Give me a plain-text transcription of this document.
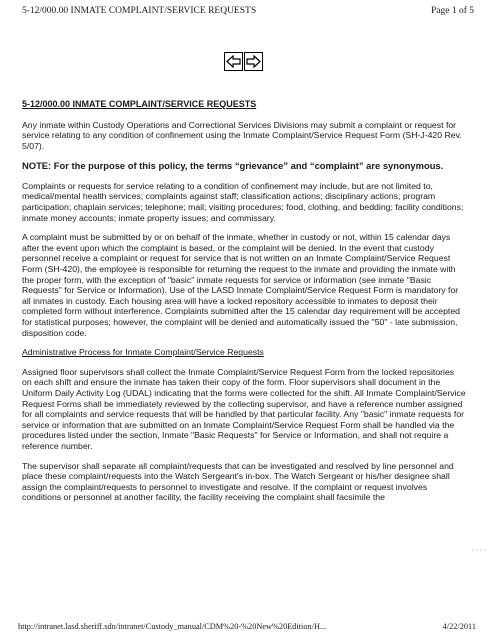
5-12/000.00 INMATE COMPLAINT/SERVICE REQUESTS	Page 1 of 5
5-12/000.00 INMATE COMPLAINT/SERVICE REQUESTS

Any inmate within Custody Operations and Correctional Services Divisions may submit a complaint or request for service relating to any condition of confinement using the Inmate Complaint/Service Request Form (SH-J-420 Rev. 5/07).

NOTE: For the purpose of this policy, the terms “grievance” and “complaint” are synonymous.

Complaints or requests for service relating to a condition of confinement may include, but are not limited to, medical/mental health services; complaints against staff; classification actions; disciplinary actions; program participation; chaplain services; telephone; mail; visiting procedures; food, clothing, and bedding; facility conditions; inmate money accounts; inmate property issues; and commissary.

A complaint must be submitted by or on behalf of the inmate, whether in custody or not, within 15 calendar days after the event upon which the complaint is based, or the complaint will be denied. In the event that custody personnel receive a complaint or request for service that is not written on an Inmate Complaint/Service Request Form (SH-420), the employee is responsible for returning the request to the inmate and providing the inmate with the proper form, with the exception of "basic" inmate requests for service or information (see inmate "Basic Requests" for Service or Information). Use of the LASD Inmate Complaint/Service Request Form is mandatory for all inmates in custody. Each housing area will have a locked repository accessible to inmates to deposit their completed form without interference. Complaints submitted after the 15 calendar day requirement will be accepted for statistical purposes; however, the complaint will be denied and automatically issued the "50" - late submission, disposition code.

Administrative Process for Inmate Complaint/Service Requests

Assigned floor supervisors shall collect the Inmate Complaint/Service Request Form from the locked repositories on each shift and ensure the inmate has taken their copy of the form. Floor supervisors shall document in the Uniform Daily Activity Log (UDAL) indicating that the forms were collected for the shift. All Inmate Complaint/Service Request Forms shall be immediately reviewed by the collecting supervisor, and have a reference number assigned for all complaints and service requests that will be handled by that particular facility. Any "basic" inmate requests for service or information that are submitted on an Inmate Complaint/Service Request Form shall be handled via the procedures listed under the section, Inmate "Basic Requests" for Service or Information, and shall not require a reference number.

The supervisor shall separate all complaint/requests that can be investigated and resolved by line personnel and place these complaint/requests into the Watch Sergeant's in-box. The Watch Sergeant or his/her designee shall assign the complaint/requests to personnel to investigate and resolve. If the complaint or request involves conditions or personnel at another facility, the facility receiving the complaint shall facsimile the

http://intranet.lasd.sheriff.sdn/intranet/Custody_manual/CDM%20-%20New%20Edition/H...	4/22/2011
